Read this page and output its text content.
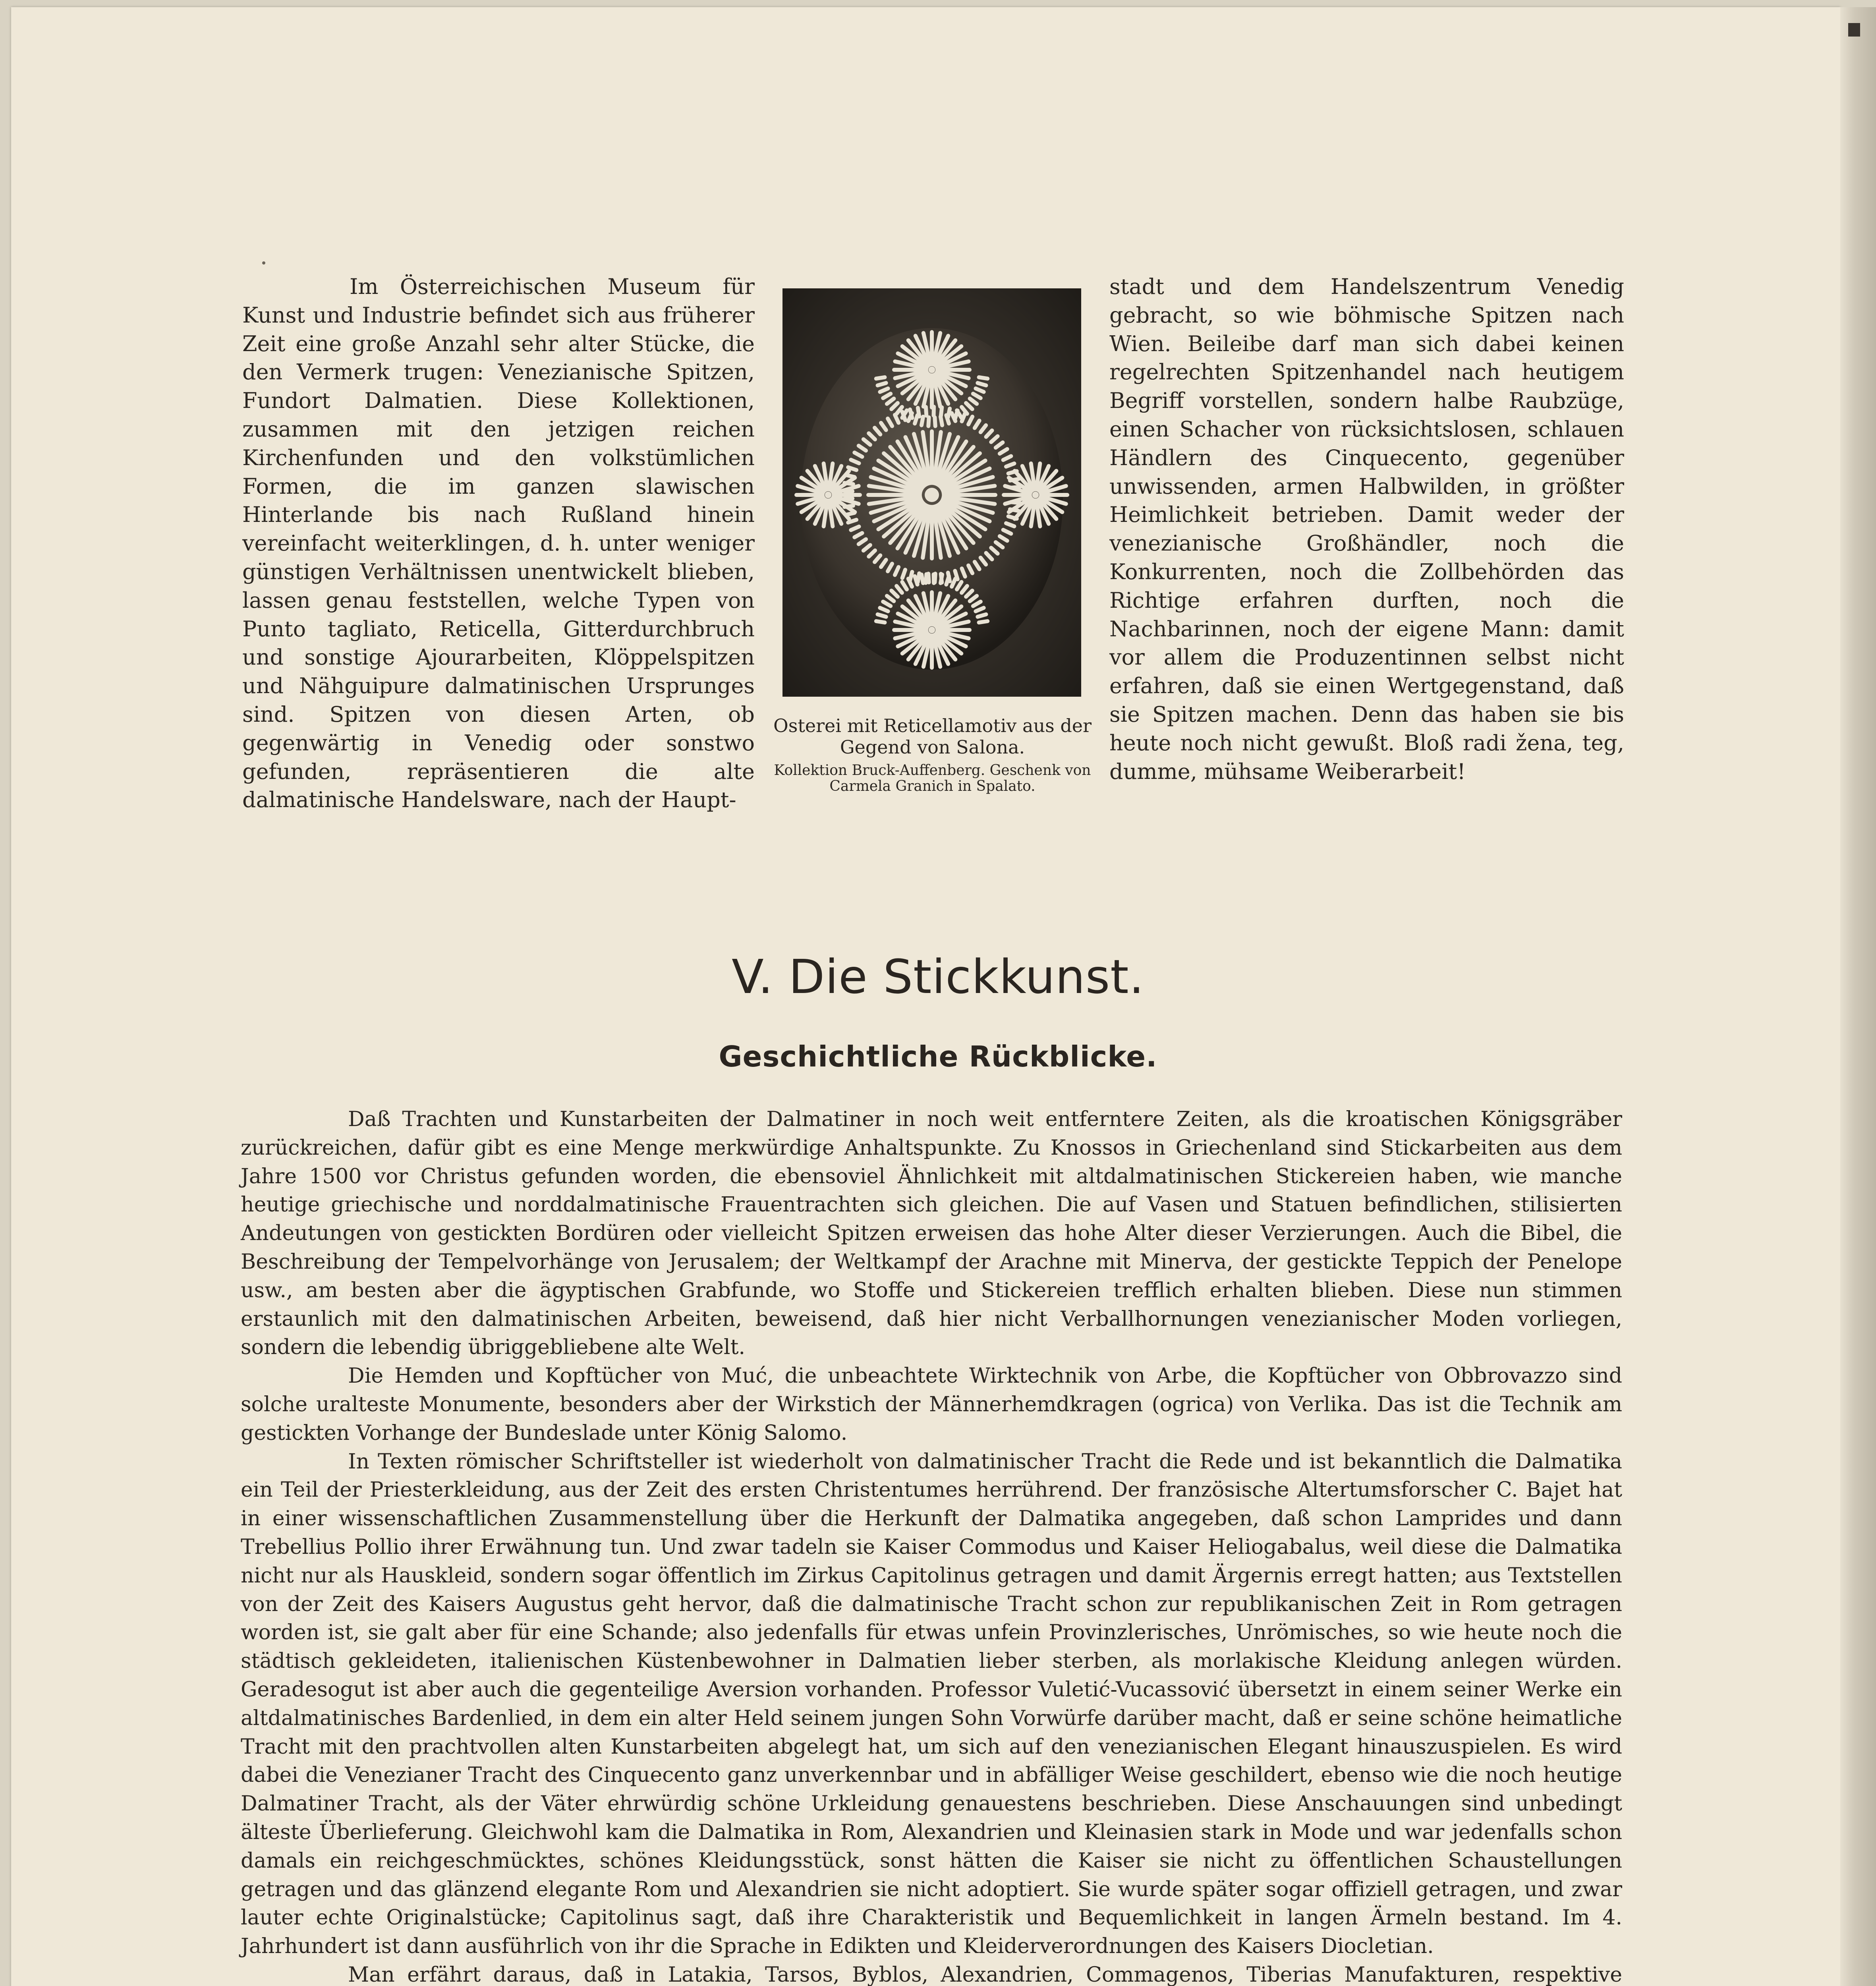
Im Österreichischen Museum für Kunst und Industrie befindet sich aus früherer Zeit eine große Anzahl sehr alter Stücke, die den Vermerk trugen: Venezianische Spitzen, Fundort Dalmatien. Diese Kollektionen, zusammen mit den jetzigen reichen Kirchenfunden und den volkstümlichen Formen, die im ganzen slawischen Hinterlande bis nach Rußland hinein vereinfacht weiterklingen, d. h. unter weniger günstigen Verhältnissen unentwickelt blieben, lassen genau feststellen, welche Typen von Punto tagliato, Reticella, Gitterdurchbruch und sonstige Ajourarbeiten, Klöppelspitzen und Nähguipure dalmatinischen Ursprunges sind. Spitzen von diesen Arten, ob gegenwärtig in Venedig oder sonstwo gefunden, repräsentieren die alte dalmatinische Handelsware, nach der Haupt-

Osterei mit Reticellamotiv aus der Gegend von Salona.
Kollektion Bruck-Auffenberg. Geschenk von Carmela Granich in Spalato.

stadt und dem Handelszentrum Venedig gebracht, so wie böhmische Spitzen nach Wien. Beileibe darf man sich dabei keinen regelrechten Spitzenhandel nach heutigem Begriff vorstellen, sondern halbe Raubzüge, einen Schacher von rücksichtslosen, schlauen Händlern des Cinquecento, gegenüber unwissenden, armen Halbwilden, in größter Heimlichkeit betrieben. Damit weder der venezianische Großhändler, noch die Konkurrenten, noch die Zollbehörden das Richtige erfahren durften, noch die Nachbarinnen, noch der eigene Mann: damit vor allem die Produzentinnen selbst nicht erfahren, daß sie einen Wertgegenstand, daß sie Spitzen machen. Denn das haben sie bis heute noch nicht gewußt. Bloß radi žena, teg, dumme, mühsame Weiberarbeit!

V. Die Stickkunst.
Geschichtliche Rückblicke.

Daß Trachten und Kunstarbeiten der Dalmatiner in noch weit entferntere Zeiten, als die kroatischen Königsgräber zurückreichen, dafür gibt es eine Menge merkwürdige Anhaltspunkte. Zu Knossos in Griechenland sind Stickarbeiten aus dem Jahre 1500 vor Christus gefunden worden, die ebensoviel Ähnlichkeit mit altdalmatinischen Stickereien haben, wie manche heutige griechische und norddalmatinische Frauentrachten sich gleichen. Die auf Vasen und Statuen befindlichen, stilisierten Andeutungen von gestickten Bordüren oder vielleicht Spitzen erweisen das hohe Alter dieser Verzierungen. Auch die Bibel, die Beschreibung der Tempelvorhänge von Jerusalem; der Weltkampf der Arachne mit Minerva, der gestickte Teppich der Penelope usw., am besten aber die ägyptischen Grabfunde, wo Stoffe und Stickereien trefflich erhalten blieben. Diese nun stimmen erstaunlich mit den dalmatinischen Arbeiten, beweisend, daß hier nicht Verballhornungen venezianischer Moden vorliegen, sondern die lebendig übriggebliebene alte Welt.

Die Hemden und Kopftücher von Muć, die unbeachtete Wirktechnik von Arbe, die Kopftücher von Obbrovazzo sind solche uralteste Monumente, besonders aber der Wirkstich der Männerhemdkragen (ogrica) von Verlika. Das ist die Technik am gestickten Vorhange der Bundeslade unter König Salomo.

In Texten römischer Schriftsteller ist wiederholt von dalmatinischer Tracht die Rede und ist bekanntlich die Dalmatika ein Teil der Priesterkleidung, aus der Zeit des ersten Christentumes herrührend. Der französische Altertumsforscher C. Bajet hat in einer wissenschaftlichen Zusammenstellung über die Herkunft der Dalmatika angegeben, daß schon Lamprides und dann Trebellius Pollio ihrer Erwähnung tun. Und zwar tadeln sie Kaiser Commodus und Kaiser Heliogabalus, weil diese die Dalmatika nicht nur als Hauskleid, sondern sogar öffentlich im Zirkus Capitolinus getragen und damit Ärgernis erregt hatten; aus Textstellen von der Zeit des Kaisers Augustus geht hervor, daß die dalmatinische Tracht schon zur republikanischen Zeit in Rom getragen worden ist, sie galt aber für eine Schande; also jedenfalls für etwas unfein Provinzlerisches, Unrömisches, so wie heute noch die städtisch gekleideten, italienischen Küstenbewohner in Dalmatien lieber sterben, als morlakische Kleidung anlegen würden. Geradesogut ist aber auch die gegenteilige Aversion vorhanden. Professor Vuletić-Vucassović übersetzt in einem seiner Werke ein altdalmatinisches Bardenlied, in dem ein alter Held seinem jungen Sohn Vorwürfe darüber macht, daß er seine schöne heimatliche Tracht mit den prachtvollen alten Kunstarbeiten abgelegt hat, um sich auf den venezianischen Elegant hinauszuspielen. Es wird dabei die Venezianer Tracht des Cinquecento ganz unverkennbar und in abfälliger Weise geschildert, ebenso wie die noch heutige Dalmatiner Tracht, als der Väter ehrwürdig schöne Urkleidung genauestens beschrieben. Diese Anschauungen sind unbedingt älteste Überlieferung. Gleichwohl kam die Dalmatika in Rom, Alexandrien und Kleinasien stark in Mode und war jedenfalls schon damals ein reichgeschmücktes, schönes Kleidungsstück, sonst hätten die Kaiser sie nicht zu öffentlichen Schaustellungen getragen und das glänzend elegante Rom und Alexandrien sie nicht adoptiert. Sie wurde später sogar offiziell getragen, und zwar lauter echte Originalstücke; Capitolinus sagt, daß ihre Charakteristik und Bequemlichkeit in langen Ärmeln bestand. Im 4. Jahrhundert ist dann ausführlich von ihr die Sprache in Edikten und Kleiderverordnungen des Kaisers Diocletian.

Man erfährt daraus, daß in Latakia, Tarsos, Byblos, Alexandrien, Commagenos, Tiberias Manufakturen, respektive
